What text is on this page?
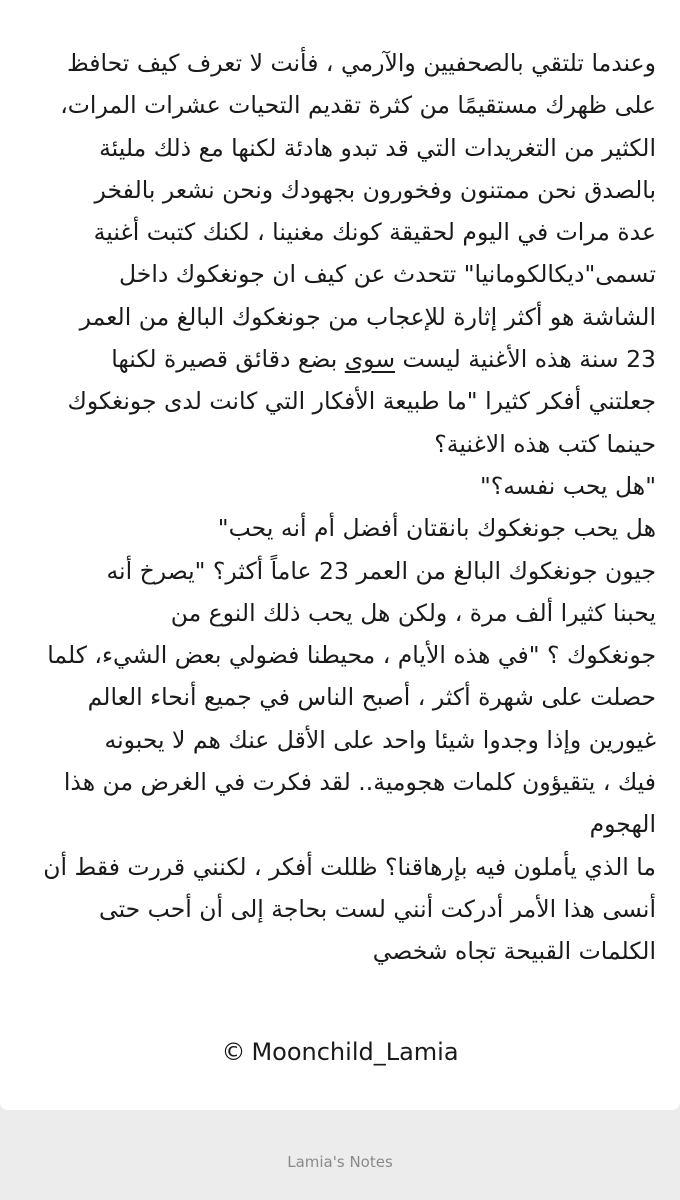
وعندما تلتقي بالصحفيين والآرمي ، فأنت لا تعرف كيف تحافظ
على ظهرك مستقيمًا من كثرة تقديم التحيات عشرات المرات،
الكثير من التغريدات التي قد تبدو هادئة لكنها مع ذلك مليئة
بالصدق نحن ممتنون وفخورون بجهودك ونحن نشعر بالفخر
عدة مرات في اليوم لحقيقة كونك مغنينا ، لكنك كتبت أغنية
تسمى"ديكالكومانيا" تتحدث عن كيف ان جونغكوك داخل
الشاشة هو أكثر إثارة للإعجاب من جونغكوك البالغ من العمر
23 سنة هذه الأغنية ليست سوى بضع دقائق قصيرة لكنها
جعلتني أفكر كثيرا "ما طبيعة الأفكار التي كانت لدى جونغكوك
حينما كتب هذه الاغنية؟
"هل يحب نفسه؟"
هل يحب جونغكوك بانقتان أفضل أم أنه يحب"
جيون جونغكوك البالغ من العمر 23 عاماً أكثر؟ "يصرخ أنه
يحبنا كثيرا ألف مرة ، ولكن هل يحب ذلك النوع من
جونغكوك ؟ "في هذه الأيام ، محيطنا فضولي بعض الشيء، كلما
حصلت على شهرة أكثر ، أصبح الناس في جميع أنحاء العالم
غيورين وإذا وجدوا شيئا واحد على الأقل عنك هم لا يحبونه
فيك ، يتقيؤون كلمات هجومية.. لقد فكرت في الغرض من هذا
الهجوم
ما الذي يأملون فيه بإرهاقنا؟ ظللت أفكر ، لكنني قررت فقط أن
أنسى هذا الأمر أدركت أنني لست بحاجة إلى أن أحب حتى
الكلمات القبيحة تجاه شخصي
© Moonchild_Lamia
Lamia's Notes
